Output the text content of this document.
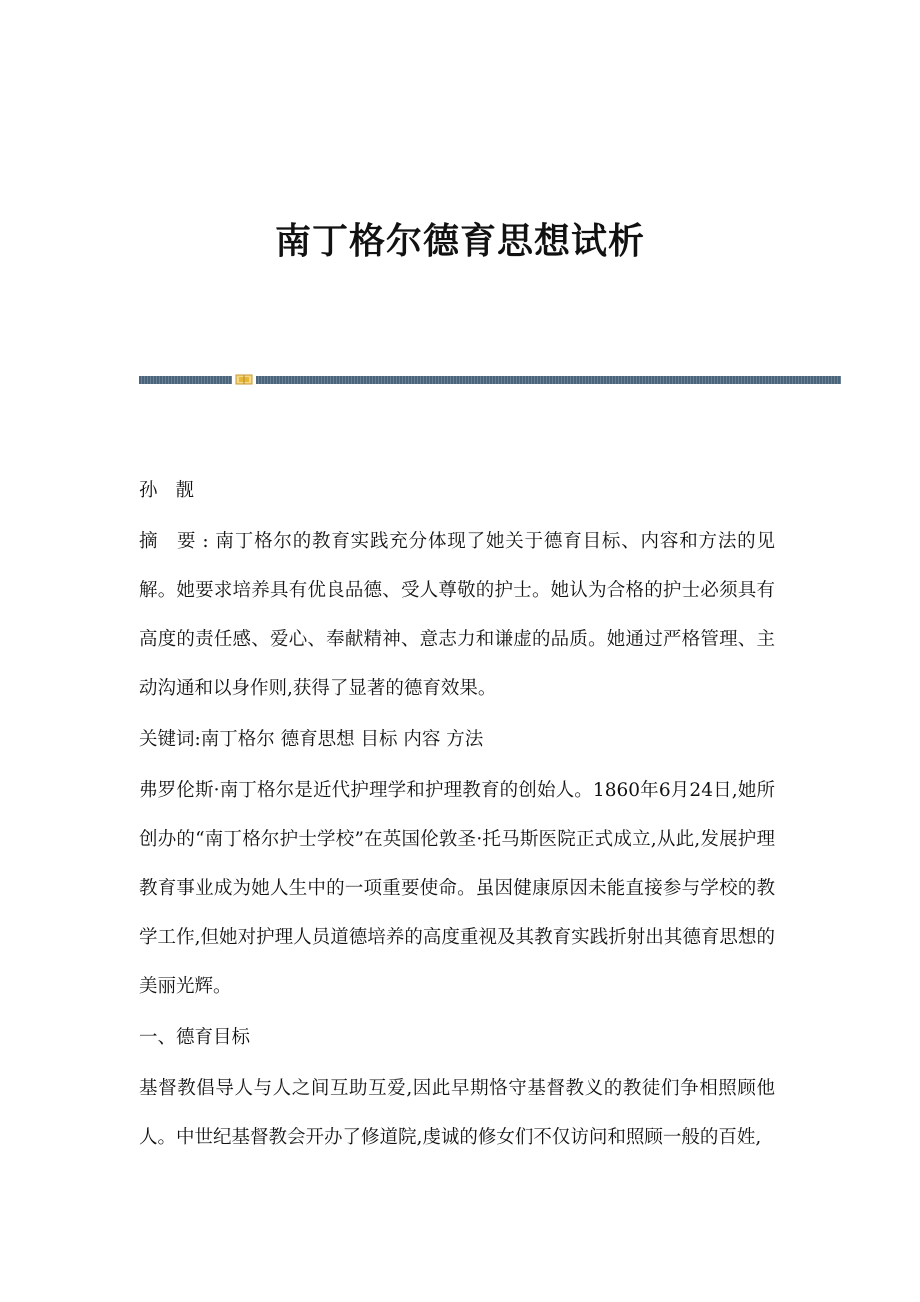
南丁格尔德育思想试析

孙 靓

摘 要:南丁格尔的教育实践充分体现了她关于德育目标、内容和方法的见解。她要求培养具有优良品德、受人尊敬的护士。她认为合格的护士必须具有高度的责任感、爱心、奉献精神、意志力和谦虚的品质。她通过严格管理、主动沟通和以身作则,获得了显著的德育效果。

关键词:南丁格尔 德育思想 目标 内容 方法

弗罗伦斯·南丁格尔是近代护理学和护理教育的创始人。1860年6月24日,她所创办的“南丁格尔护士学校”在英国伦敦圣·托马斯医院正式成立,从此,发展护理教育事业成为她人生中的一项重要使命。虽因健康原因未能直接参与学校的教学工作,但她对护理人员道德培养的高度重视及其教育实践折射出其德育思想的美丽光辉。

一、德育目标

基督教倡导人与人之间互助互爱,因此早期恪守基督教义的教徒们争相照顾他人。中世纪基督教会开办了修道院,虔诚的修女们不仅访问和照顾一般的百姓,
